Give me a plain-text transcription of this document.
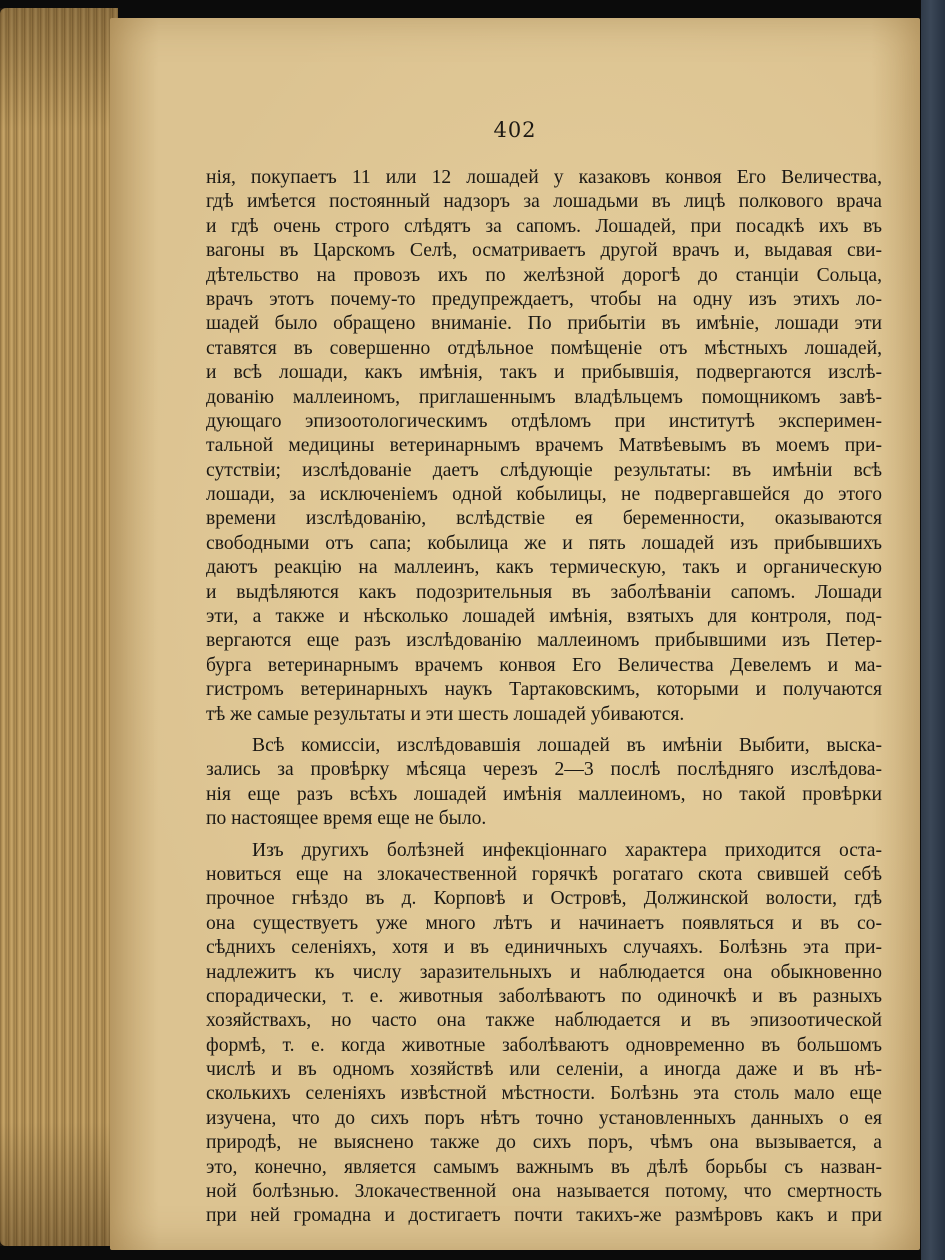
402
нія, покупаетъ 11 или 12 лошадей у казаковъ конвоя Его Величества,
гдѣ имѣется постоянный надзоръ за лошадьми въ лицѣ полкового врача
и гдѣ очень строго слѣдятъ за сапомъ. Лошадей, при посадкѣ ихъ въ
вагоны въ Царскомъ Селѣ, осматриваетъ другой врачъ и, выдавая сви-
дѣтельство на провозъ ихъ по желѣзной дорогѣ до станціи Сольца,
врачъ этотъ почему-то предупреждаетъ, чтобы на одну изъ этихъ ло-
шадей было обращено вниманіе. По прибытіи въ имѣніе, лошади эти
ставятся въ совершенно отдѣльное помѣщеніе отъ мѣстныхъ лошадей,
и всѣ лошади, какъ имѣнія, такъ и прибывшія, подвергаются изслѣ-
дованію маллеиномъ, приглашеннымъ владѣльцемъ помощникомъ завѣ-
дующаго эпизоотологическимъ отдѣломъ при институтѣ эксперимен-
тальной медицины ветеринарнымъ врачемъ Матвѣевымъ въ моемъ при-
сутствіи; изслѣдованіе даетъ слѣдующіе результаты: въ имѣніи всѣ
лошади, за исключеніемъ одной кобылицы, не подвергавшейся до этого
времени изслѣдованію, вслѣдствіе ея беременности, оказываются
свободными отъ сапа; кобылица же и пять лошадей изъ прибывшихъ
даютъ реакцію на маллеинъ, какъ термическую, такъ и органическую
и выдѣляются какъ подозрительныя въ заболѣваніи сапомъ. Лошади
эти, а также и нѣсколько лошадей имѣнія, взятыхъ для контроля, под-
вергаются еще разъ изслѣдованію маллеиномъ прибывшими изъ Петер-
бурга ветеринарнымъ врачемъ конвоя Его Величества Девелемъ и ма-
гистромъ ветеринарныхъ наукъ Тартаковскимъ, которыми и получаются
тѣ же самые результаты и эти шесть лошадей убиваются.
Всѣ комиссіи, изслѣдовавшія лошадей въ имѣніи Выбити, выска-
зались за провѣрку мѣсяца черезъ 2—3 послѣ послѣдняго изслѣдова-
нія еще разъ всѣхъ лошадей имѣнія маллеиномъ, но такой провѣрки
по настоящее время еще не было.
Изъ другихъ болѣзней инфекціоннаго характера приходится оста-
новиться еще на злокачественной горячкѣ рогатаго скота свившей себѣ
прочное гнѣздо въ д. Корповѣ и Островѣ, Должинской волости, гдѣ
она существуетъ уже много лѣтъ и начинаетъ появляться и въ со-
сѣднихъ селеніяхъ, хотя и въ единичныхъ случаяхъ. Болѣзнь эта при-
надлежитъ къ числу заразительныхъ и наблюдается она обыкновенно
спорадически, т. е. животныя заболѣваютъ по одиночкѣ и въ разныхъ
хозяйствахъ, но часто она также наблюдается и въ эпизоотической
формѣ, т. е. когда животные заболѣваютъ одновременно въ большомъ
числѣ и въ одномъ хозяйствѣ или селеніи, а иногда даже и въ нѣ-
сколькихъ селеніяхъ извѣстной мѣстности. Болѣзнь эта столь мало еще
изучена, что до сихъ поръ нѣтъ точно установленныхъ данныхъ о ея
природѣ, не выяснено также до сихъ поръ, чѣмъ она вызывается, а
это, конечно, является самымъ важнымъ въ дѣлѣ борьбы съ назван-
ной болѣзнью. Злокачественной она называется потому, что смертность
при ней громадна и достигаетъ почти такихъ-же размѣровъ какъ и при
